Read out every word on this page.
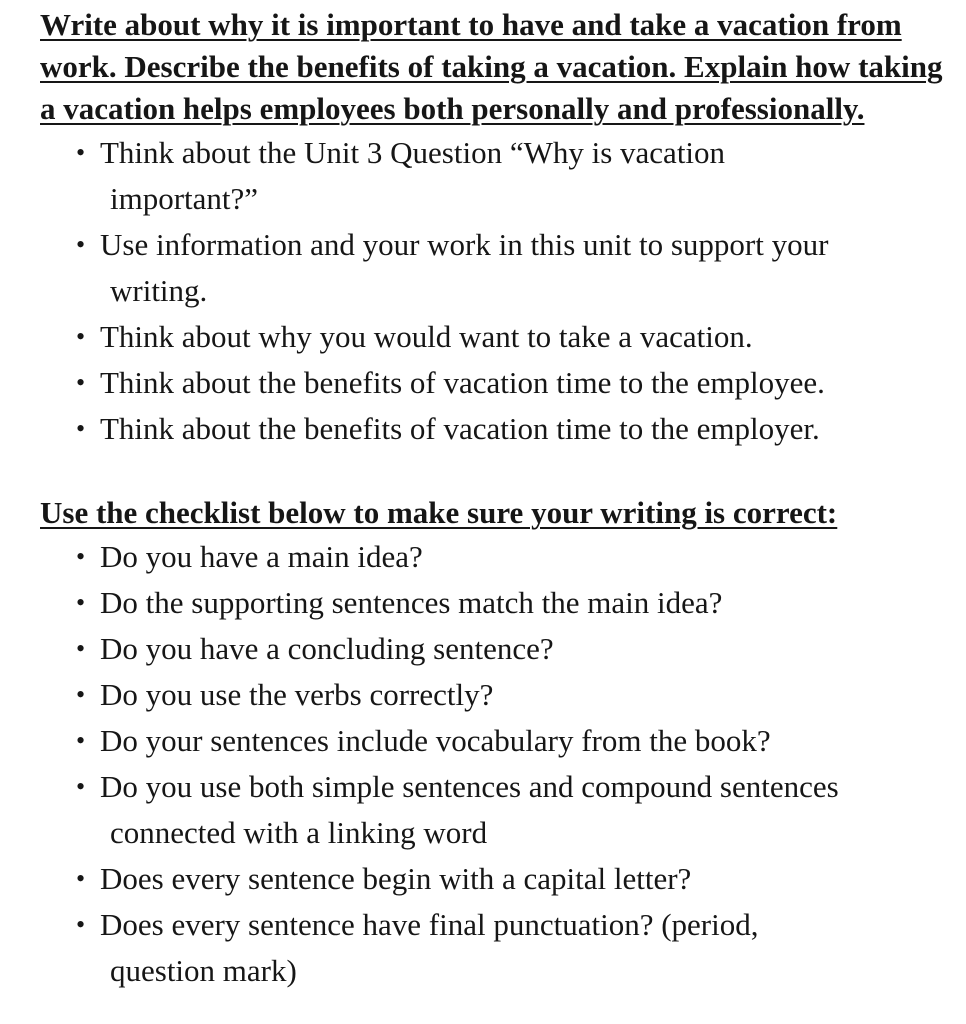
Write about why it is important to have and take a vacation from work. Describe the benefits of taking a vacation. Explain how taking a vacation helps employees both personally and professionally.

• Think about the Unit 3 Question “Why is vacation
important?”
• Use information and your work in this unit to support your
writing.
• Think about why you would want to take a vacation.
• Think about the benefits of vacation time to the employee.
• Think about the benefits of vacation time to the employer.

Use the checklist below to make sure your writing is correct:

• Do you have a main idea?
• Do the supporting sentences match the main idea?
• Do you have a concluding sentence?
• Do you use the verbs correctly?
• Do your sentences include vocabulary from the book?
• Do you use both simple sentences and compound sentences
connected with a linking word
• Does every sentence begin with a capital letter?
• Does every sentence have final punctuation? (period,
question mark)
